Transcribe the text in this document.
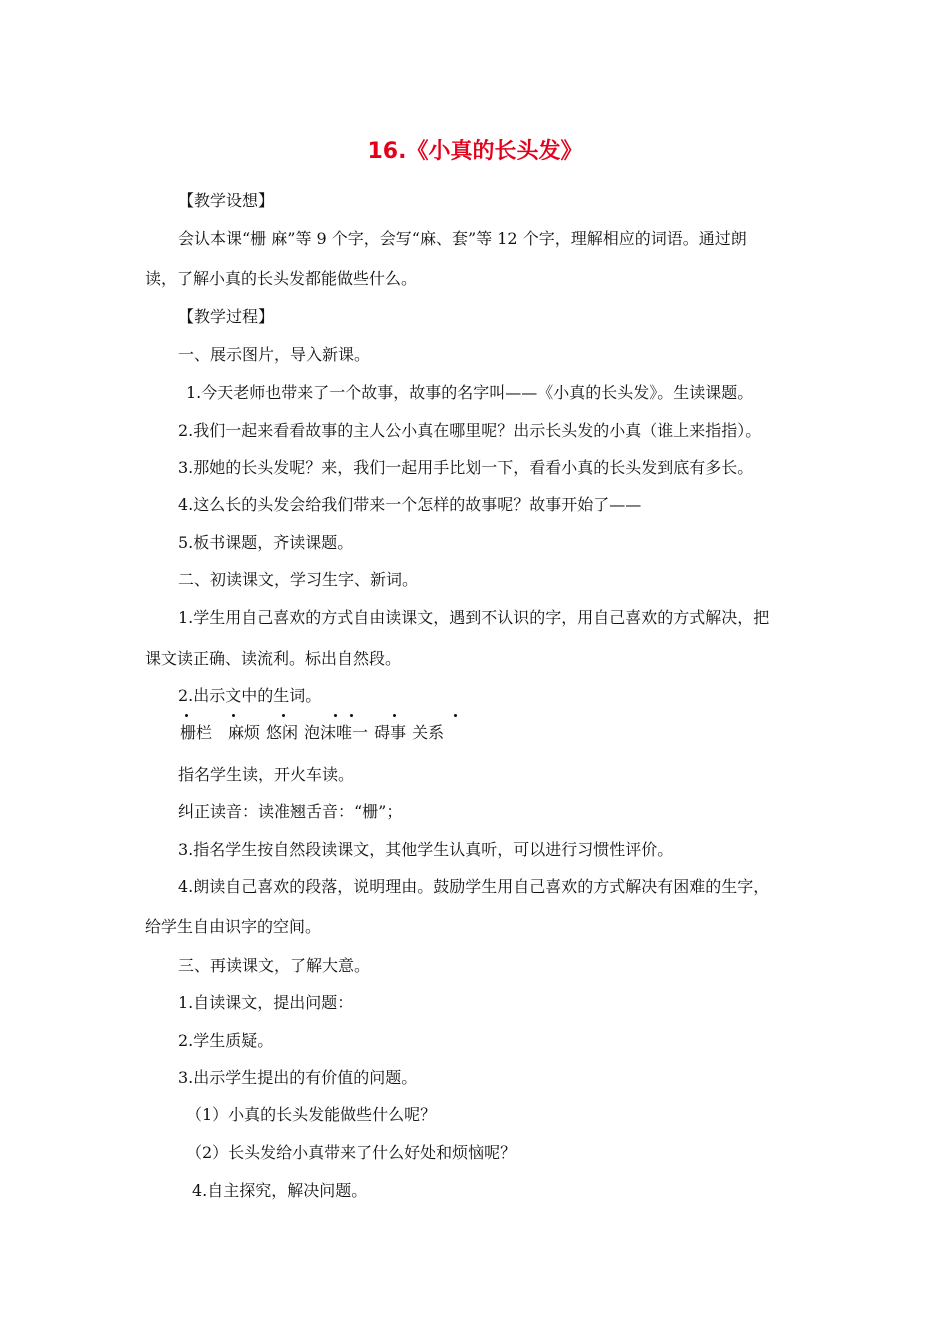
16.《小真的长头发》
【教学设想】
会认本课“栅 麻”等 9 个字，会写“麻、套”等 12 个字，理解相应的词语。通过朗
读，了解小真的长头发都能做些什么。
【教学过程】
一、展示图片，导入新课。
1.今天老师也带来了一个故事，故事的名字叫——《小真的长头发》。生读课题。
2.我们一起来看看故事的主人公小真在哪里呢？出示长头发的小真（谁上来指指）。
3.那她的长头发呢？来，我们一起用手比划一下，看看小真的长头发到底有多长。
4.这么长的头发会给我们带来一个怎样的故事呢？故事开始了——
5.板书课题，齐读课题。
二、初读课文，学习生字、新词。
1.学生用自己喜欢的方式自由读课文，遇到不认识的字，用自己喜欢的方式解决，把
课文读正确、读流利。标出自然段。
2.出示文中的生词。
栅栏 麻烦 悠闲 泡沫唯一 碍事 关系
指名学生读，开火车读。
纠正读音：读准翘舌音：“栅”；
3.指名学生按自然段读课文，其他学生认真听，可以进行习惯性评价。
4.朗读自己喜欢的段落，说明理由。鼓励学生用自己喜欢的方式解决有困难的生字，
给学生自由识字的空间。
三、再读课文，了解大意。
1.自读课文，提出问题：
2.学生质疑。
3.出示学生提出的有价值的问题。
（1）小真的长头发能做些什么呢？
（2）长头发给小真带来了什么好处和烦恼呢？
4.自主探究，解决问题。
